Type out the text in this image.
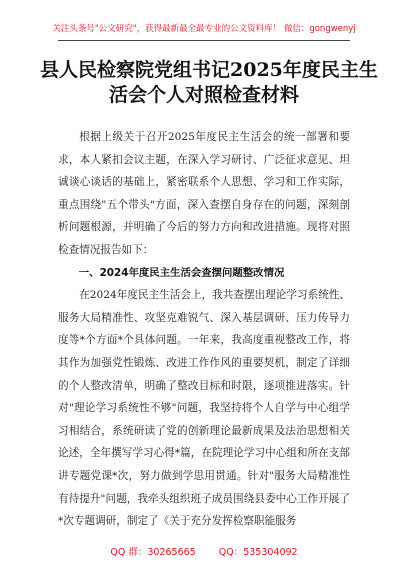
关注头条号"公文研究"，获得最新最全最专业的公文资料库！ 微信：gongwenyj
县人民检察院党组书记2025年度民主生
活会个人对照检查材料

根据上级关于召开2025年度民主生活会的统一部署和要求，本人紧扣会议主题，在深入学习研讨、广泛征求意见、坦诚谈心谈话的基础上，紧密联系个人思想、学习和工作实际，重点围绕"五个带头"方面，深入查摆自身存在的问题，深刻剖析问题根源，并明确了今后的努力方向和改进措施。现将对照检查情况报告如下：

一、2024年度民主生活会查摆问题整改情况

在2024年度民主生活会上，我共查摆出理论学习系统性、服务大局精准性、攻坚克难锐气、深入基层调研、压力传导力度等*个方面*个具体问题。一年来，我高度重视整改工作，将其作为加强党性锻炼、改进工作作风的重要契机，制定了详细的个人整改清单，明确了整改目标和时限，逐项推进落实。针对"理论学习系统性不够"问题，我坚持将个人自学与中心组学习相结合，系统研读了党的创新理论最新成果及法治思想相关论述，全年撰写学习心得*篇，在院理论学习中心组和所在支部讲专题党课*次，努力做到学思用贯通。针对"服务大局精准性有待提升"问题，我牵头组织班子成员围绕县委中心工作开展了*次专题调研，制定了《关于充分发挥检察职能服务

QQ 群：30265665 QQ：535304092
